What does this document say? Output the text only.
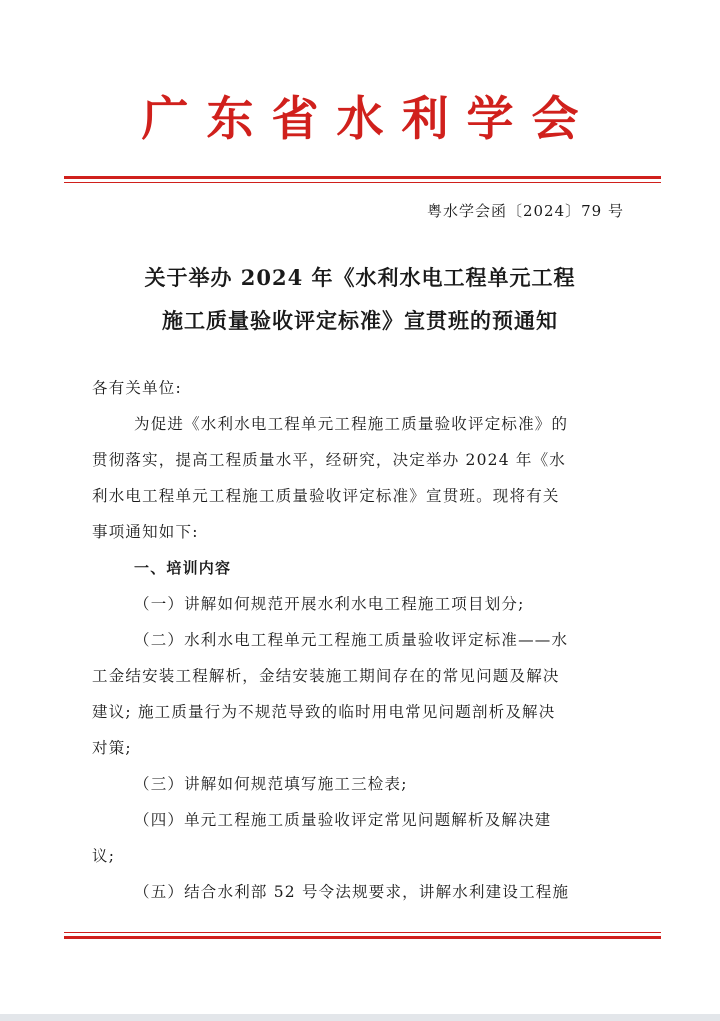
广东省水利学会
粤水学会函〔2024〕79 号
关于举办 2024 年《水利水电工程单元工程
施工质量验收评定标准》宣贯班的预通知
各有关单位:
为促进《水利水电工程单元工程施工质量验收评定标准》的
贯彻落实，提高工程质量水平，经研究，决定举办 2024 年《水
利水电工程单元工程施工质量验收评定标准》宣贯班。现将有关
事项通知如下:
一、培训内容
（一）讲解如何规范开展水利水电工程施工项目划分;
（二）水利水电工程单元工程施工质量验收评定标准——水
工金结安装工程解析，金结安装施工期间存在的常见问题及解决
建议; 施工质量行为不规范导致的临时用电常见问题剖析及解决
对策;
（三）讲解如何规范填写施工三检表;
（四）单元工程施工质量验收评定常见问题解析及解决建
议;
（五）结合水利部 52 号令法规要求，讲解水利建设工程施
